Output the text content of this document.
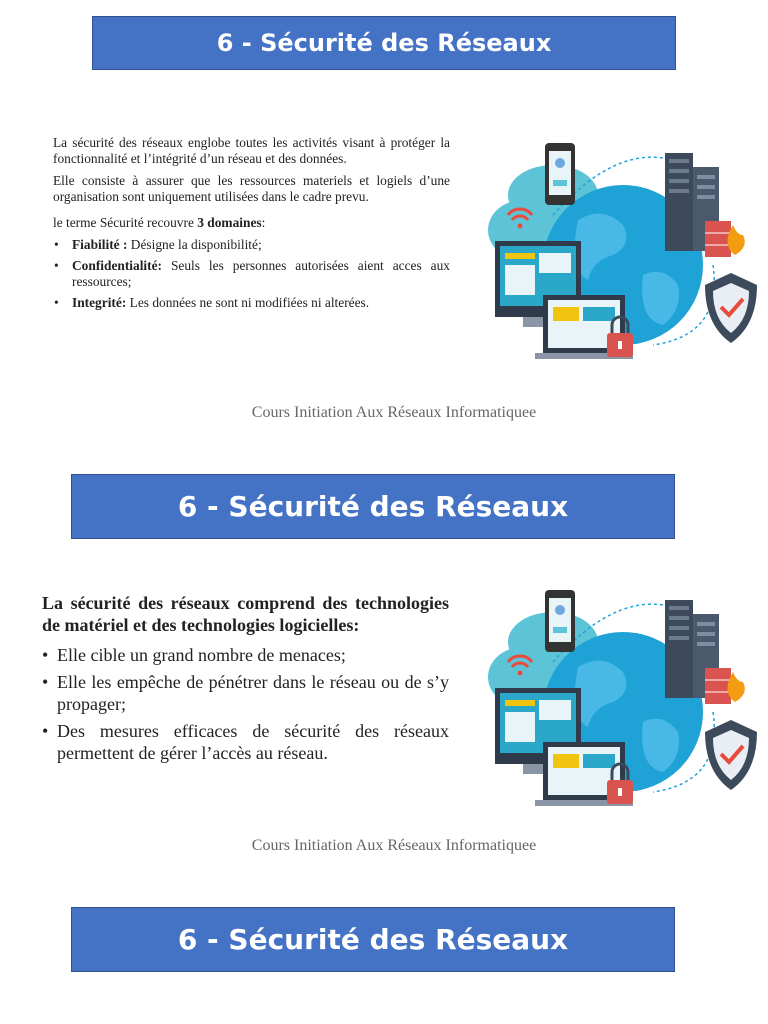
6 - Sécurité des Réseaux

La sécurité des réseaux englobe toutes les activités visant à protéger la fonctionnalité et l’intégrité d’un réseau et des données.

Elle consiste à assurer que les ressources materiels et logiels d’une organisation sont uniquement utilisées dans le cadre prevu.

le terme Sécurité recouvre 3 domaines:

• Fiabilité : Désigne la disponibilité;
• Confidentialité: Seuls les personnes autorisées aient acces aux ressources;
• Integrité: Les données ne sont ni modifiées ni alterées.
Cours Initiation Aux Réseaux Informatiquee
6 - Sécurité des Réseaux

La sécurité des réseaux comprend des technologies de matériel et des technologies logicielles:

• Elle cible un grand nombre de menaces;
• Elle les empêche de pénétrer dans le réseau ou de s’y propager;
• Des mesures efficaces de sécurité des réseaux permettent de gérer l’accès au réseau.
Cours Initiation Aux Réseaux Informatiquee
6 - Sécurité des Réseaux
